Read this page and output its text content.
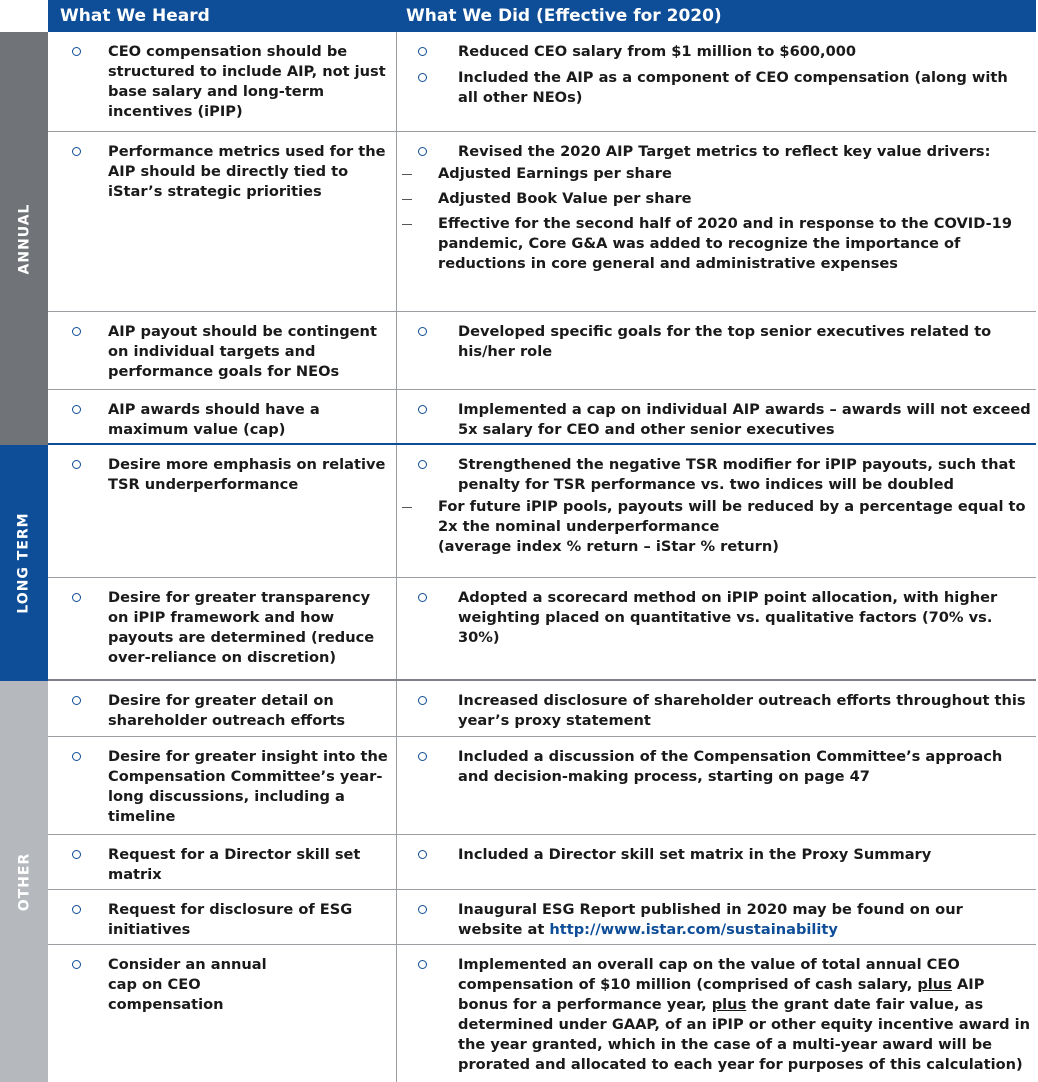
What We Heard	What We Did (Effective for 2020)
ANNUAL
LONG TERM
OTHER
CEO compensation should be structured to include AIP, not just base salary and long-term incentives (iPIP)
Reduced CEO salary from $1 million to $600,000
Included the AIP as a component of CEO compensation (along with all other NEOs)
Performance metrics used for the AIP should be directly tied to iStar’s strategic priorities
Revised the 2020 AIP Target metrics to reflect key value drivers:
Adjusted Earnings per share
Adjusted Book Value per share
Effective for the second half of 2020 and in response to the COVID-19 pandemic, Core G&A was added to recognize the importance of reductions in core general and administrative expenses
AIP payout should be contingent on individual targets and performance goals for NEOs
Developed specific goals for the top senior executives related to his/her role
AIP awards should have a maximum value (cap)
Implemented a cap on individual AIP awards – awards will not exceed 5x salary for CEO and other senior executives
Desire more emphasis on relative TSR underperformance
Strengthened the negative TSR modifier for iPIP payouts, such that penalty for TSR performance vs. two indices will be doubled
For future iPIP pools, payouts will be reduced by a percentage equal to 2x the nominal underperformance
(average index % return – iStar % return)
Desire for greater transparency on iPIP framework and how payouts are determined (reduce over-reliance on discretion)
Adopted a scorecard method on iPIP point allocation, with higher weighting placed on quantitative vs. qualitative factors (70% vs. 30%)
Desire for greater detail on shareholder outreach efforts
Increased disclosure of shareholder outreach efforts throughout this year’s proxy statement
Desire for greater insight into the Compensation Committee’s year-long discussions, including a timeline
Included a discussion of the Compensation Committee’s approach and decision-making process, starting on page 47
Request for a Director skill set matrix
Included a Director skill set matrix in the Proxy Summary
Request for disclosure of ESG initiatives
Inaugural ESG Report published in 2020 may be found on our website at http://www.istar.com/sustainability
Consider an annual cap on CEO compensation
Implemented an overall cap on the value of total annual CEO compensation of $10 million (comprised of cash salary, plus AIP bonus for a performance year, plus the grant date fair value, as determined under GAAP, of an iPIP or other equity incentive award in the year granted, which in the case of a multi-year award will be prorated and allocated to each year for purposes of this calculation)
